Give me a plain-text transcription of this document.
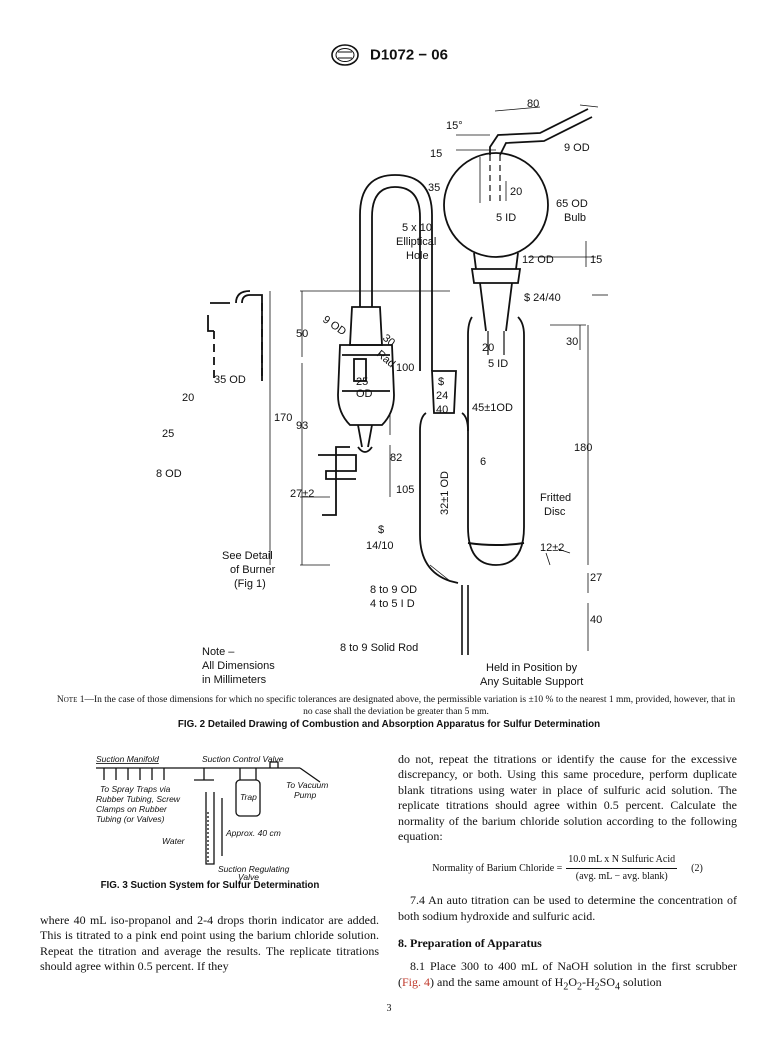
D1072 − 06
80
15°
15	9 OD
35	20
5 ID
65 OD
Bulb
5 x 10
Elliptical
Hole	12 OD	15
$ 24/40
9 OD
30
Rad
50
100
20	30
35 OD
20
25
25
OD
$
24
40
5 ID
170
93
45±1OD
180
8 OD
82	6
105 32±1 OD
27±2	Fritted
Disc
$
14/10	12±2
See Detail
of Burner
(Fig 1)	27
8 to 9 OD
4 to 5 I D
40
Note –
All Dimensions
in Millimeters
8 to 9 Solid Rod
Held in Position by
Any Suitable Support
Note 1—In the case of those dimensions for which no specific tolerances are designated above, the permissible variation is ±10 % to the nearest 1 mm, provided, however, that in no case shall the deviation be greater than 5 mm.
FIG. 2 Detailed Drawing of Combustion and Absorption Apparatus for Sulfur Determination
Suction Manifold	Suction Control Valve
To Vacuum
Pump
To Spray Traps via
Rubber Tubing, Screw
Clamps on Rubber
Tubing (or Valves)
Trap
Water
Approx. 40 cm
Suction Regulating
Valve
FIG. 3 Suction System for Sulfur Determination
where 40 mL iso-propanol and 2-4 drops thorin indicator are added. This is titrated to a pink end point using the barium chloride solution. Repeat the titration and average the results. The replicate titrations should agree within 0.5 percent. If they

do not, repeat the titrations or identify the cause for the excessive discrepancy, or both. Using this same procedure, perform duplicate blank titrations using water in place of sulfuric acid solution. The replicate titrations should agree within 0.5 percent. Calculate the normality of the barium chloride solution according to the following equation:

Normality of Barium Chloride = $\frac{\text{10.0 mL x N Sulfuric Acid}}{\text{(avg. mL − avg. blank)}} (2)$

7.4 An auto titration can be used to determine the concentration of both sodium hydroxide and sulfuric acid.

8. Preparation of Apparatus

8.1 Place 300 to 400 mL of NaOH solution in the first scrubber (Fig. 4) and the same amount of $H_2O_2-H_2SO_4$ solution

3
